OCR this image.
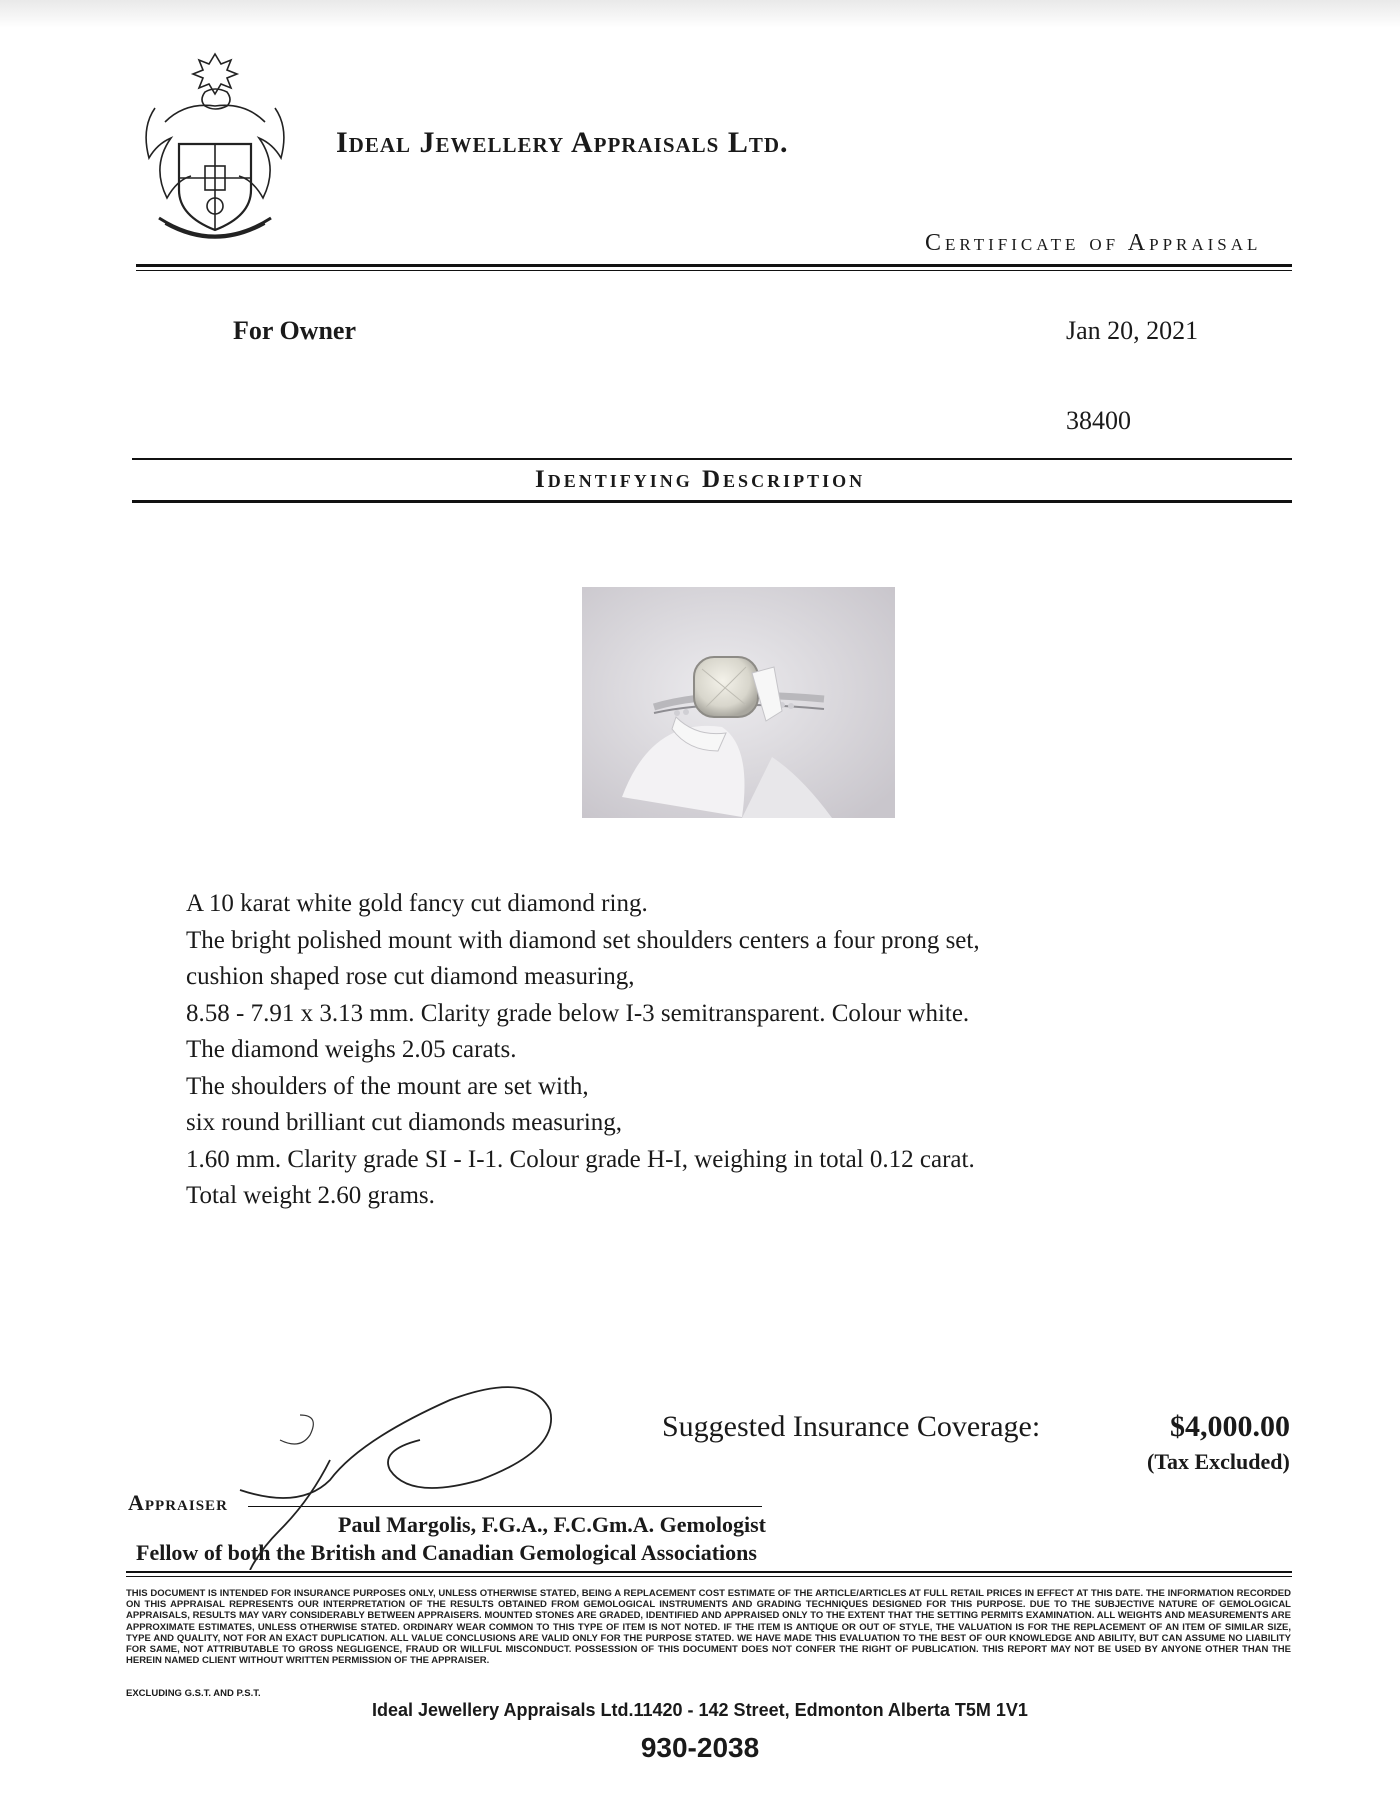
Ideal Jewellery Appraisals Ltd.
Certificate of Appraisal
For Owner	Jan 20, 2021
38400
Identifying Description
A 10 karat white gold fancy cut diamond ring.
The bright polished mount with diamond set shoulders centers a four prong set,
cushion shaped rose cut diamond measuring,
8.58 - 7.91 x 3.13 mm. Clarity grade below I-3 semitransparent. Colour white.
The diamond weighs 2.05 carats.
The shoulders of the mount are set with,
six round brilliant cut diamonds measuring,
1.60 mm. Clarity grade SI - I-1. Colour grade H-I, weighing in total 0.12 carat.
Total weight 2.60 grams.
Suggested Insurance Coverage:	$4,000.00
(Tax Excluded)
Appraiser
Paul Margolis, F.G.A., F.C.Gm.A. Gemologist
Fellow of both the British and Canadian Gemological Associations
THIS DOCUMENT IS INTENDED FOR INSURANCE PURPOSES ONLY, UNLESS OTHERWISE STATED, BEING A REPLACEMENT COST ESTIMATE OF THE ARTICLE/ARTICLES AT FULL RETAIL PRICES IN EFFECT AT THIS DATE. THE INFORMATION RECORDED ON THIS APPRAISAL REPRESENTS OUR INTERPRETATION OF THE RESULTS OBTAINED FROM GEMOLOGICAL INSTRUMENTS AND GRADING TECHNIQUES DESIGNED FOR THIS PURPOSE. DUE TO THE SUBJECTIVE NATURE OF GEMOLOGICAL APPRAISALS, RESULTS MAY VARY CONSIDERABLY BETWEEN APPRAISERS. MOUNTED STONES ARE GRADED, IDENTIFIED AND APPRAISED ONLY TO THE EXTENT THAT THE SETTING PERMITS EXAMINATION. ALL WEIGHTS AND MEASUREMENTS ARE APPROXIMATE ESTIMATES, UNLESS OTHERWISE STATED. ORDINARY WEAR COMMON TO THIS TYPE OF ITEM IS NOT NOTED. IF THE ITEM IS ANTIQUE OR OUT OF STYLE, THE VALUATION IS FOR THE REPLACEMENT OF AN ITEM OF SIMILAR SIZE, TYPE AND QUALITY, NOT FOR AN EXACT DUPLICATION. ALL VALUE CONCLUSIONS ARE VALID ONLY FOR THE PURPOSE STATED. WE HAVE MADE THIS EVALUATION TO THE BEST OF OUR KNOWLEDGE AND ABILITY, BUT CAN ASSUME NO LIABILITY FOR SAME, NOT ATTRIBUTABLE TO GROSS NEGLIGENCE, FRAUD OR WILLFUL MISCONDUCT. POSSESSION OF THIS DOCUMENT DOES NOT CONFER THE RIGHT OF PUBLICATION. THIS REPORT MAY NOT BE USED BY ANYONE OTHER THAN THE HEREIN NAMED CLIENT WITHOUT WRITTEN PERMISSION OF THE APPRAISER.
EXCLUDING G.S.T. AND P.S.T.
Ideal Jewellery Appraisals Ltd.11420 - 142 Street, Edmonton Alberta T5M 1V1
930-2038
